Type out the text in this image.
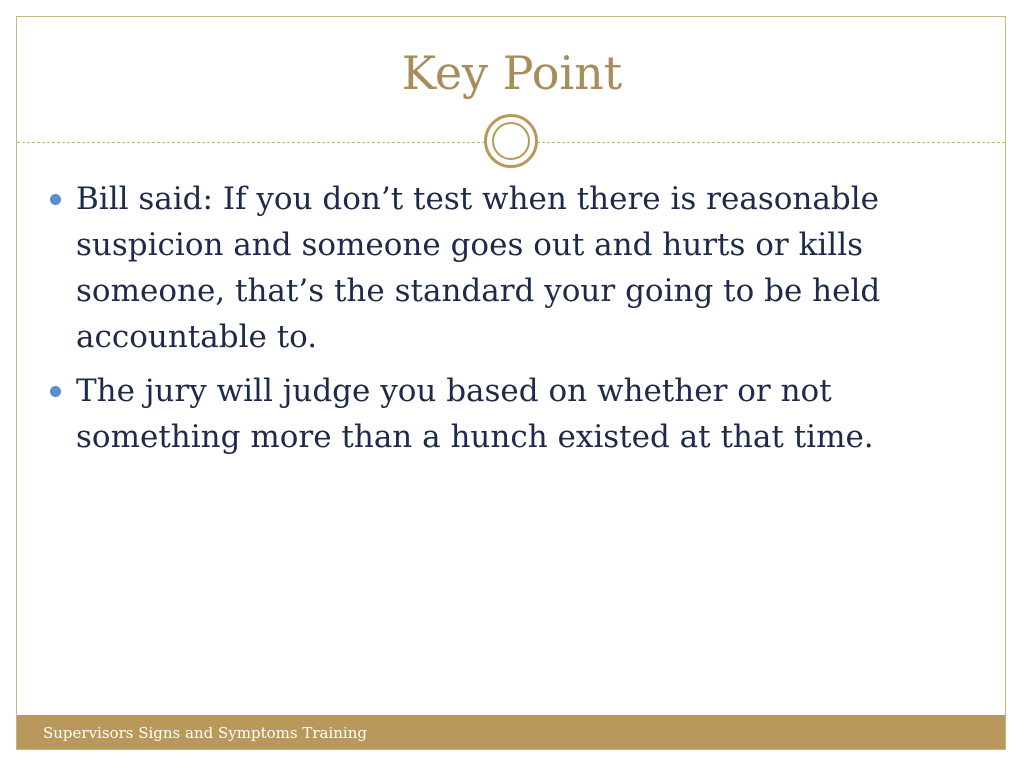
Key Point
Bill said: If you don’t test when there is reasonable suspicion and someone goes out and hurts or kills someone, that’s the standard your going to be held accountable to.
The jury will judge you based on whether or not something more than a hunch existed at that time.
Supervisors Signs and Symptoms Training
